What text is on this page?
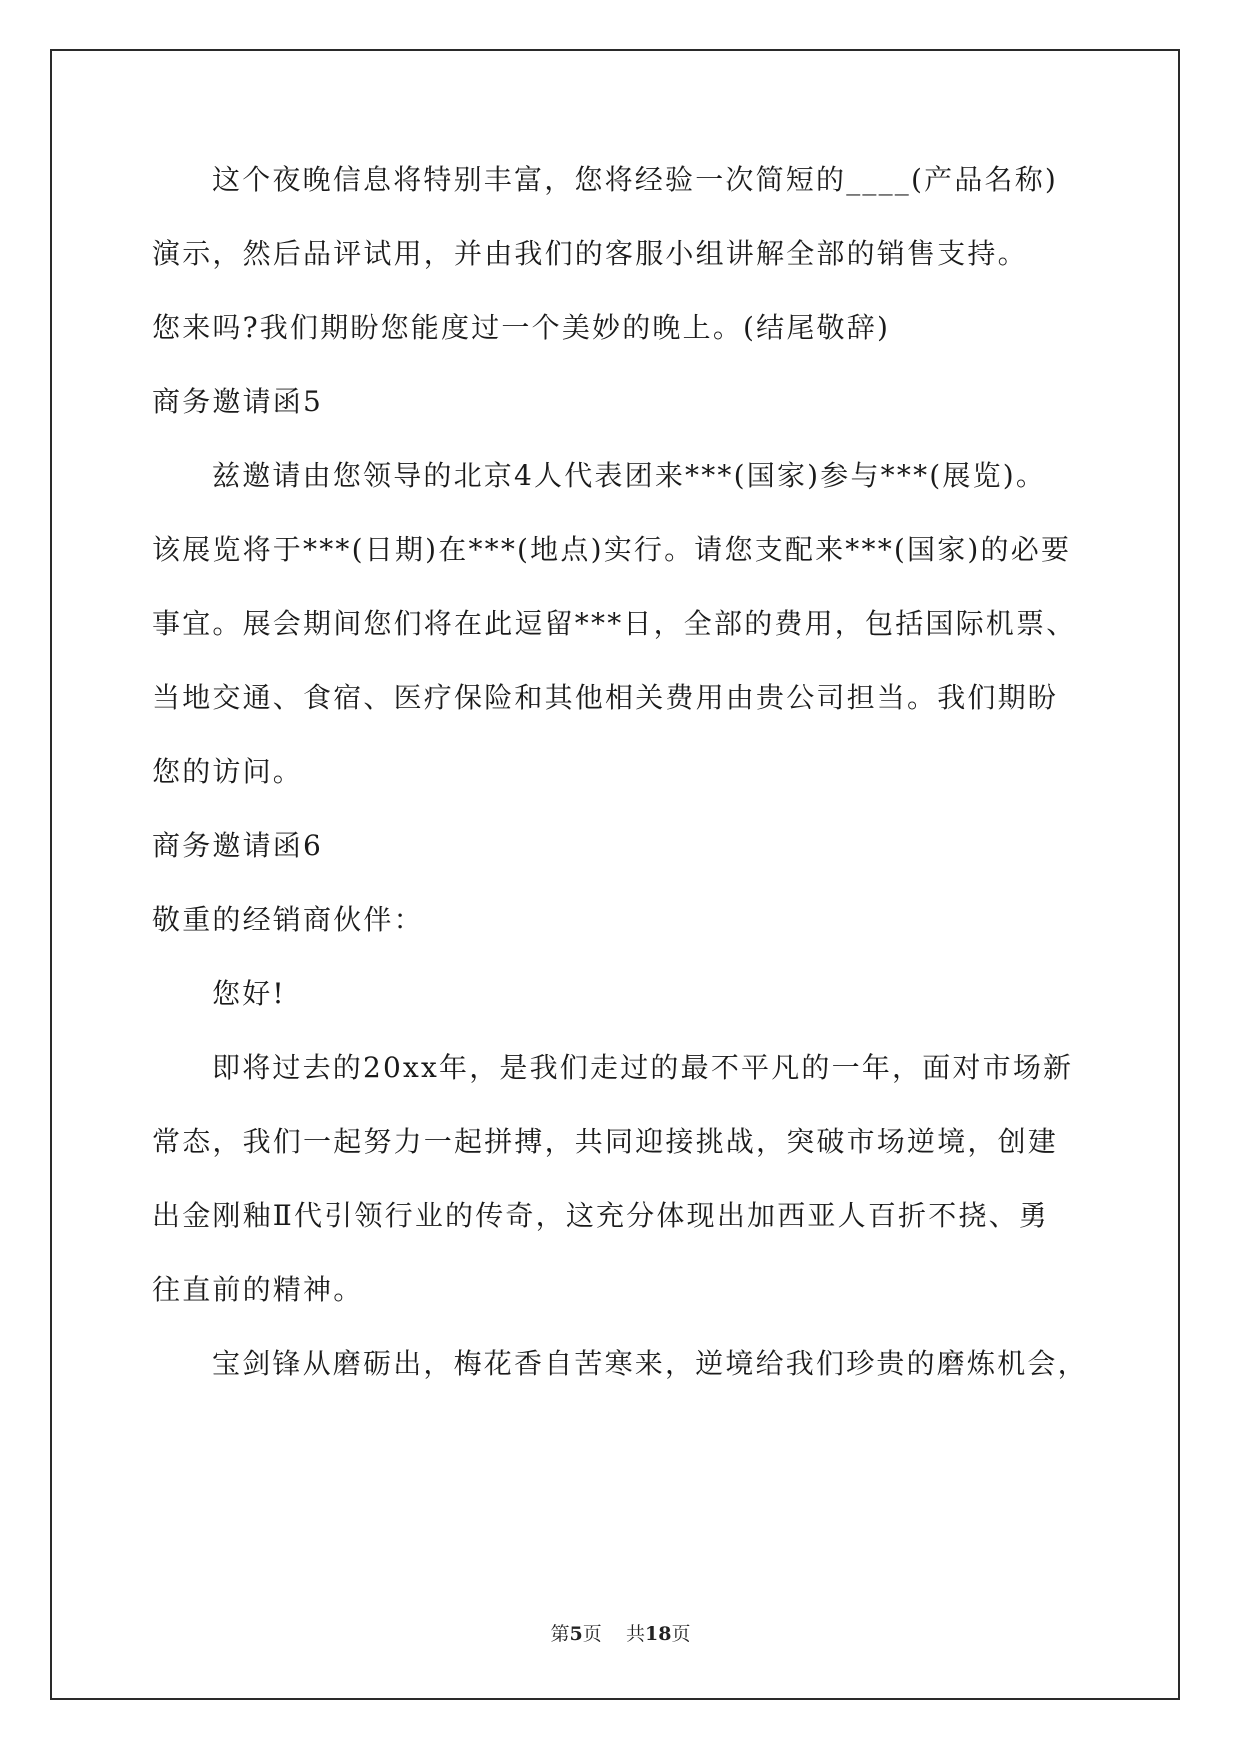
这个夜晚信息将特别丰富，您将经验一次简短的____(产品名称)
演示，然后品评试用，并由我们的客服小组讲解全部的销售支持。
您来吗?我们期盼您能度过一个美妙的晚上。(结尾敬辞)
商务邀请函5
兹邀请由您领导的北京4人代表团来***(国家)参与***(展览)。
该展览将于***(日期)在***(地点)实行。请您支配来***(国家)的必要
事宜。展会期间您们将在此逗留***日，全部的费用，包括国际机票、
当地交通、食宿、医疗保险和其他相关费用由贵公司担当。我们期盼
您的访问。
商务邀请函6
敬重的经销商伙伴：
您好!
即将过去的20xx年，是我们走过的最不平凡的一年，面对市场新
常态，我们一起努力一起拼搏，共同迎接挑战，突破市场逆境，创建
出金刚釉Ⅱ代引领行业的传奇，这充分体现出加西亚人百折不挠、勇
往直前的精神。
宝剑锋从磨砺出，梅花香自苦寒来，逆境给我们珍贵的磨炼机会，
第5页 共18页
